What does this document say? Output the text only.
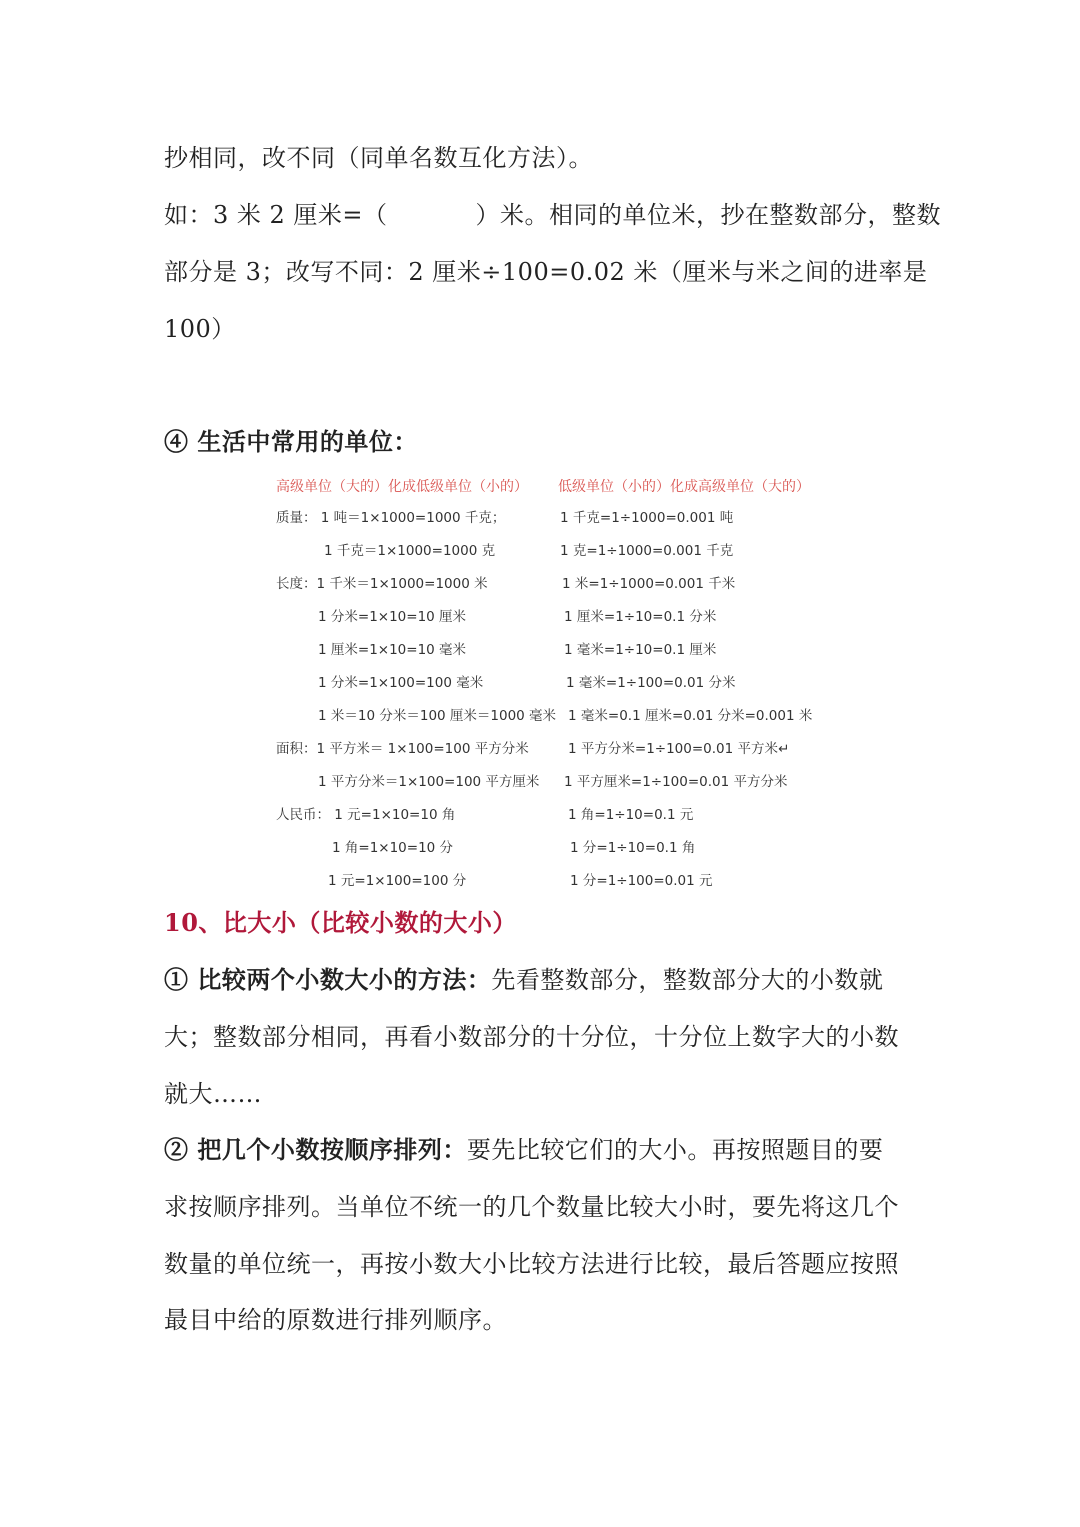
抄相同，改不同（同单名数互化方法）。
如：3 米 2 厘米=（	）米。相同的单位米，抄在整数部分，整数
部分是 3；改写不同：2 厘米÷100=0.02 米（厘米与米之间的进率是
100）
④ 生活中常用的单位：
高级单位（大的）化成低级单位（小的） 低级单位（小的）化成高级单位（大的）
质量： 1 吨＝1×1000=1000 千克；	1 千克=1÷1000=0.001 吨
1 千克＝1×1000=1000 克	1 克=1÷1000=0.001 千克
长度：1 千米＝1×1000=1000 米	1 米=1÷1000=0.001 千米
1 分米=1×10=10 厘米	1 厘米=1÷10=0.1 分米
1 厘米=1×10=10 毫米	1 毫米=1÷10=0.1 厘米
1 分米=1×100=100 毫米	1 毫米=1÷100=0.01 分米
1 米＝10 分米＝100 厘米＝1000 毫米 1 毫米=0.1 厘米=0.01 分米=0.001 米
面积：1 平方米＝ 1×100=100 平方分米	1 平方分米=1÷100=0.01 平方米↵
1 平方分米＝1×100=100 平方厘米 1 平方厘米=1÷100=0.01 平方分米
人民币： 1 元=1×10=10 角	1 角=1÷10=0.1 元
1 角=1×10=10 分	1 分=1÷10=0.1 角
1 元=1×100=100 分	1 分=1÷100=0.01 元
10、比大小（比较小数的大小）
① 比较两个小数大小的方法：先看整数部分，整数部分大的小数就
大；整数部分相同，再看小数部分的十分位，十分位上数字大的小数
就大……
② 把几个小数按顺序排列：要先比较它们的大小。再按照题目的要
求按顺序排列。当单位不统一的几个数量比较大小时，要先将这几个
数量的单位统一，再按小数大小比较方法进行比较，最后答题应按照
最目中给的原数进行排列顺序。
